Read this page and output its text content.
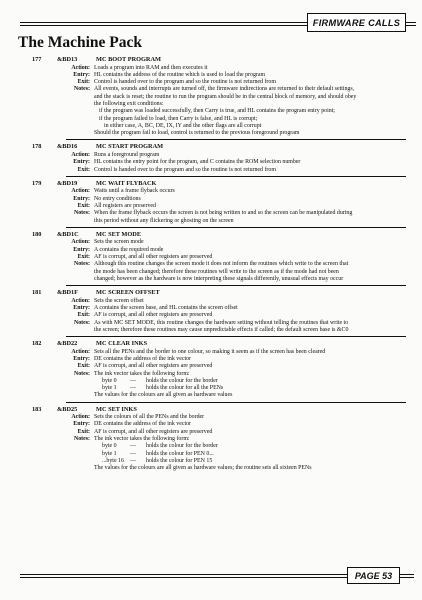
FIRMWARE CALLS
The Machine Pack
177 &BD13	MC BOOT PROGRAM
Action: Loads a program into RAM and then executes it
Entry: HL contains the address of the routine which is used to load the program
Exit: Control is handed over to the program and so the routine is not returned from
Notes: All events, sounds and interrupts are turned off, the firmware indirections are returned to their default settings,
and the stack is reset; the routine to run the program should be in the central block of memory, and should obey
the following exit conditions:
if the program was loaded successfully, then Carry is true, and HL contains the program entry point;
if the program failed to load, then Carry is false, and HL is corrupt;
in either case, A, BC, DE, IX, IY and the other flags are all corrupt
Should the program fail to load, control is returned to the previous foreground program
178 &BD16	MC START PROGRAM
Action: Runs a foreground program
Entry: HL contains the entry point for the program, and C contains the ROM selection number
Exit: Control is handed over to the program and so the routine is not returned from
179 &BD19	MC WAIT FLYBACK
Action: Waits until a frame flyback occurs
Entry: No entry conditions
Exit: All registers are preserved
Notes: When the frame flyback occurs the screen is not being written to and so the screen can be manipulated during
this period without any flickering or ghosting on the screen
180 &BD1C	MC SET MODE
Action: Sets the screen mode
Entry: A contains the required mode
Exit: AF is corrupt, and all other registers are preserved
Notes: Although this routine changes the screen mode it does not inform the routines which write to the screen that
the mode has been changed; therefore these routines will write to the screen as if the mode had not been
changed; however as the hardware is now interpreting these signals differently, unusual effects may occur
181 &BD1F	MC SCREEN OFFSET
Action: Sets the screen offset
Entry: A contains the screen base, and HL contains the screen offset
Exit: AF is corrupt, and all other registers are preserved
Notes: As with MC SET MODE, this routine changes the hardware setting without telling the routines that write to
the screen; therefore these routines may cause unpredictable effects if called; the default screen base is &C0
182 &BD22	MC CLEAR INKS
Action: Sets all the PENs and the border to one colour, so making it seem as if the screen has been cleared
Entry: DE contains the address of the ink vector
Exit: AF is corrupt, and all other registers are preserved
Notes: The ink vector takes the following form:
byte 0	—	holds the colour for the border
byte 1	—	holds the colour for all the PENs
The values for the colours are all given as hardware values
183 &BD25	MC SET INKS
Action: Sets the colours of all the PENs and the border
Entry: DE contains the address of the ink vector
Exit: AF is corrupt, and all other registers are preserved
Notes: The ink vector takes the following form:
byte 0	—	holds the colour for the border
byte 1	—	holds the colour for PEN 0...
...byte 16	—	holds the colour for PEN 15
The values for the colours are all given as hardware values; the routine sets all sixteen PENs
PAGE 53
